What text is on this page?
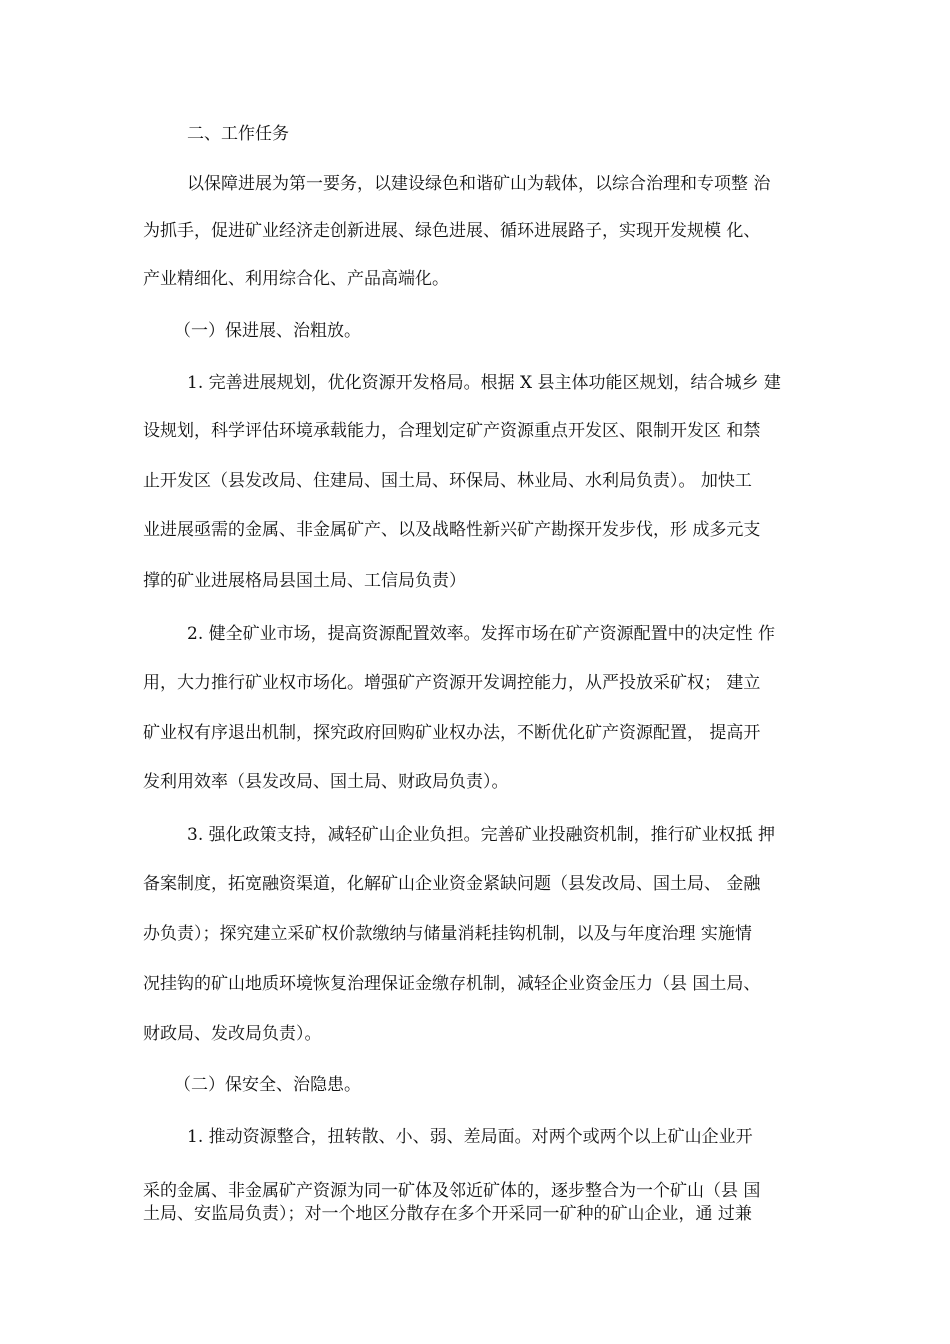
二、工作任务
以保障进展为第一要务，以建设绿色和谐矿山为载体，以综合治理和专项整 治
为抓手，促进矿业经济走创新进展、绿色进展、循环进展路子，实现开发规模 化、
产业精细化、利用综合化、产品高端化。
（一）保进展、治粗放。
1. 完善进展规划，优化资源开发格局。根据 X 县主体功能区规划，结合城乡 建
设规划，科学评估环境承载能力，合理划定矿产资源重点开发区、限制开发区 和禁
止开发区（县发改局、住建局、国土局、环保局、林业局、水利局负责）。 加快工
业进展亟需的金属、非金属矿产、以及战略性新兴矿产勘探开发步伐，形 成多元支
撑的矿业进展格局县国土局、工信局负责）
2. 健全矿业市场，提高资源配置效率。发挥市场在矿产资源配置中的决定性 作
用，大力推行矿业权市场化。增强矿产资源开发调控能力，从严投放采矿权； 建立
矿业权有序退出机制，探究政府回购矿业权办法，不断优化矿产资源配置， 提高开
发利用效率（县发改局、国土局、财政局负责）。
3. 强化政策支持，减轻矿山企业负担。完善矿业投融资机制，推行矿业权抵 押
备案制度，拓宽融资渠道，化解矿山企业资金紧缺问题（县发改局、国土局、 金融
办负责）；探究建立采矿权价款缴纳与储量消耗挂钩机制，以及与年度治理 实施情
况挂钩的矿山地质环境恢复治理保证金缴存机制，减轻企业资金压力（县 国土局、
财政局、发改局负责）。
（二）保安全、治隐患。
1. 推动资源整合，扭转散、小、弱、差局面。对两个或两个以上矿山企业开
采的金属、非金属矿产资源为同一矿体及邻近矿体的，逐步整合为一个矿山（县 国
土局、安监局负责）；对一个地区分散存在多个开采同一矿种的矿山企业，通 过兼
